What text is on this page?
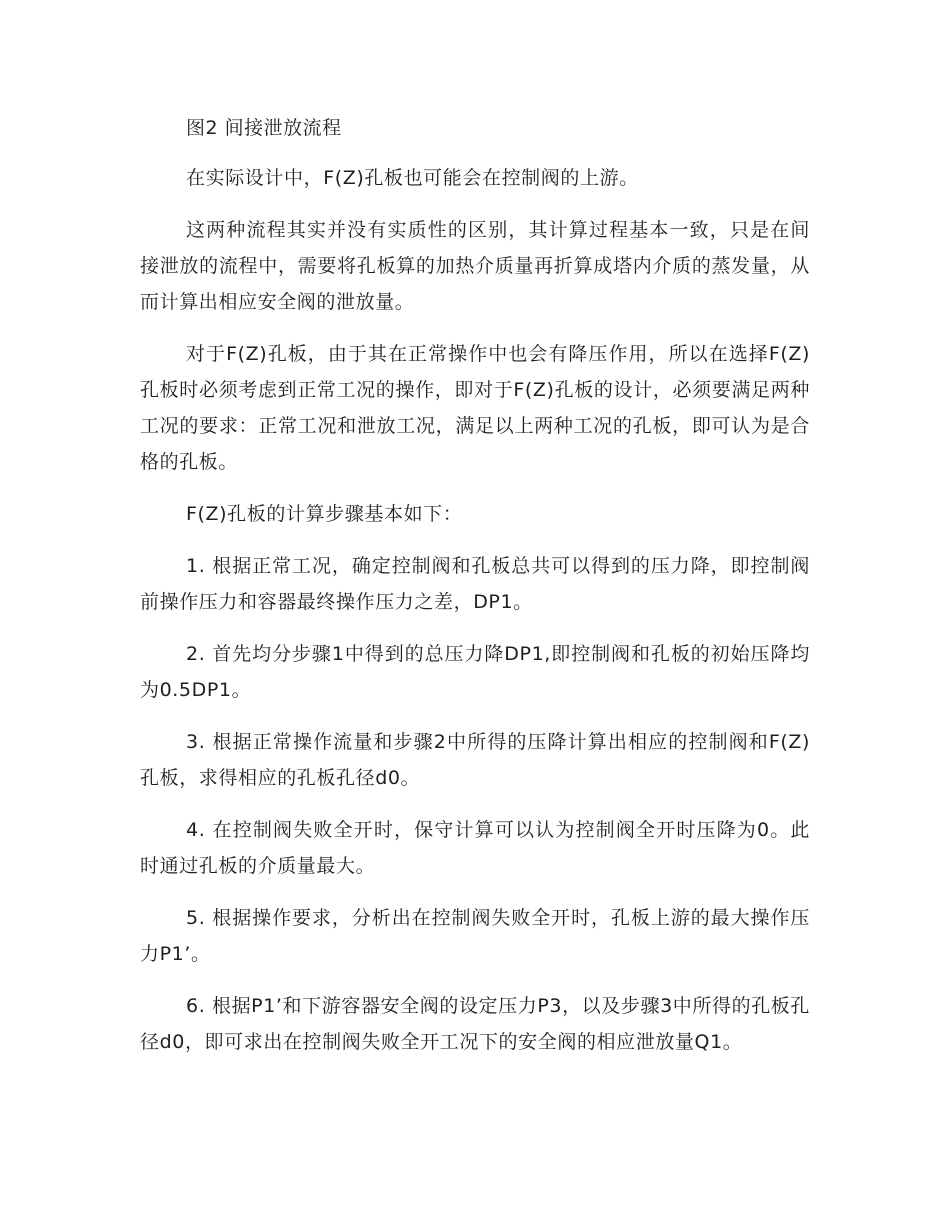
图2 间接泄放流程

在实际设计中，F(Z)孔板也可能会在控制阀的上游。

这两种流程其实并没有实质性的区别，其计算过程基本一致，只是在间接泄放的流程中，需要将孔板算的加热介质量再折算成塔内介质的蒸发量，从而计算出相应安全阀的泄放量。

对于F(Z)孔板，由于其在正常操作中也会有降压作用，所以在选择F(Z)孔板时必须考虑到正常工况的操作，即对于F(Z)孔板的设计，必须要满足两种工况的要求：正常工况和泄放工况，满足以上两种工况的孔板，即可认为是合格的孔板。

F(Z)孔板的计算步骤基本如下：

1. 根据正常工况，确定控制阀和孔板总共可以得到的压力降，即控制阀前操作压力和容器最终操作压力之差，DP1。

2. 首先均分步骤1中得到的总压力降DP1,即控制阀和孔板的初始压降均为0.5DP1。

3. 根据正常操作流量和步骤2中所得的压降计算出相应的控制阀和F(Z)孔板，求得相应的孔板孔径d0。

4. 在控制阀失败全开时，保守计算可以认为控制阀全开时压降为0。此时通过孔板的介质量最大。

5. 根据操作要求，分析出在控制阀失败全开时，孔板上游的最大操作压力P1’。

6. 根据P1’和下游容器安全阀的设定压力P3，以及步骤3中所得的孔板孔径d0，即可求出在控制阀失败全开工况下的安全阀的相应泄放量Q1。
